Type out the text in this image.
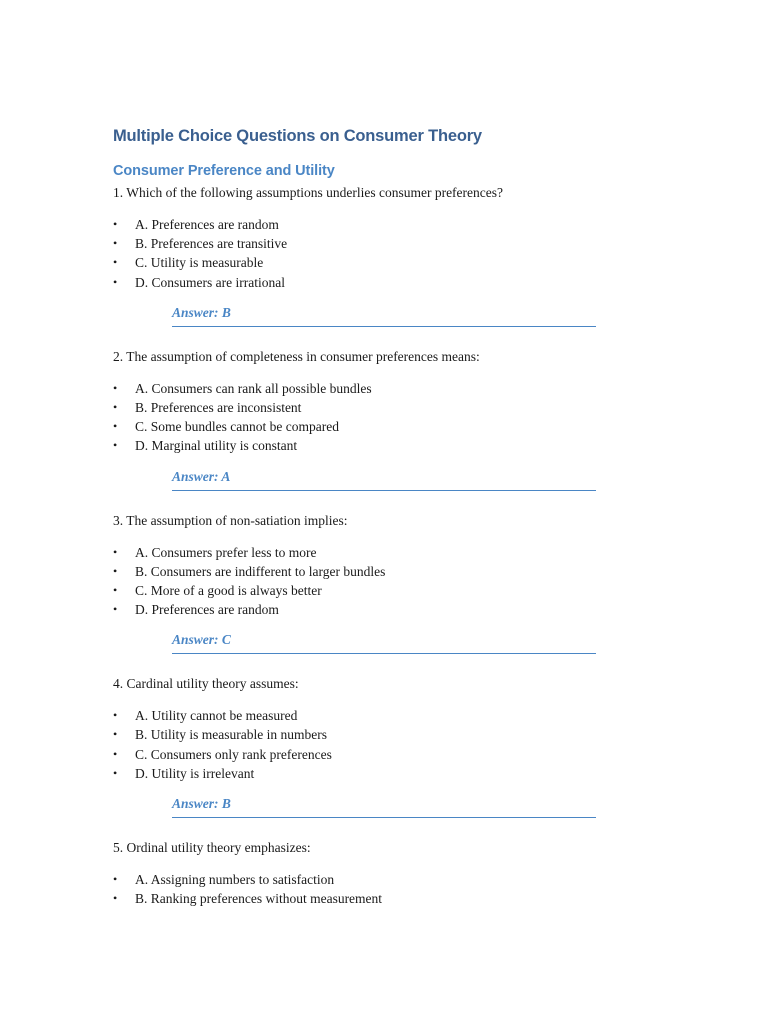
Multiple Choice Questions on Consumer Theory
Consumer Preference and Utility

1. Which of the following assumptions underlies consumer preferences?

• A. Preferences are random
• B. Preferences are transitive
• C. Utility is measurable
• D. Consumers are irrational
Answer: B

2. The assumption of completeness in consumer preferences means:

• A. Consumers can rank all possible bundles
• B. Preferences are inconsistent
• C. Some bundles cannot be compared
• D. Marginal utility is constant
Answer: A

3. The assumption of non-satiation implies:

• A. Consumers prefer less to more
• B. Consumers are indifferent to larger bundles
• C. More of a good is always better
• D. Preferences are random
Answer: C

4. Cardinal utility theory assumes:

• A. Utility cannot be measured
• B. Utility is measurable in numbers
• C. Consumers only rank preferences
• D. Utility is irrelevant
Answer: B

5. Ordinal utility theory emphasizes:

• A. Assigning numbers to satisfaction
• B. Ranking preferences without measurement
